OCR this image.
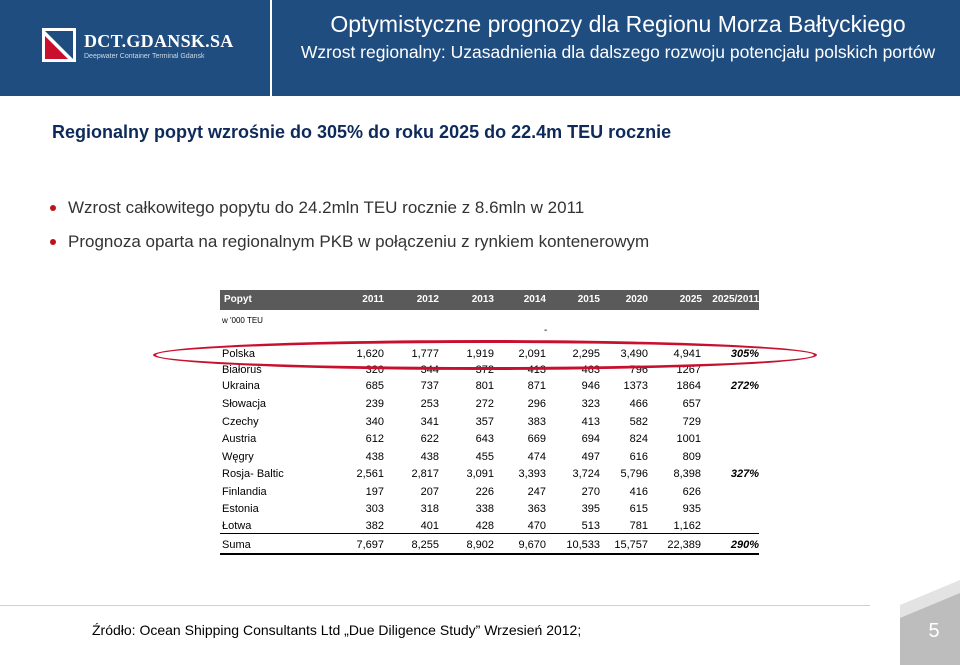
DCT.GDANSK.SA
Deepwater Container Terminal Gdansk
Optymistyczne prognozy dla Regionu Morza Bałtyckiego
Wzrost regionalny: Uzasadnienia dla dalszego rozwoju potencjału polskich portów
Regionalny popyt wzrośnie do 305% do roku 2025 do 22.4m TEU rocznie
Wzrost całkowitego popytu do 24.2mln TEU rocznie z 8.6mln w 2011
Prognoza oparta na regionalnym PKB w połączeniu z rynkiem kontenerowym
Popyt	2011	2012	2013	2014	2015	2020	2025	2025/2011
w '000 TEU
-
Polska	1,620	1,777	1,919	2,091	2,295	3,490	4,941	305%
Białoruś	320	344	372	413	463	796	1267
Ukraina	685	737	801	871	946	1373	1864	272%
Słowacja	239	253	272	296	323	466	657
Czechy	340	341	357	383	413	582	729
Austria	612	622	643	669	694	824	1001
Węgry	438	438	455	474	497	616	809
Rosja- Baltic	2,561	2,817	3,091	3,393	3,724	5,796	8,398	327%
Finlandia	197	207	226	247	270	416	626
Estonia	303	318	338	363	395	615	935
Łotwa	382	401	428	470	513	781	1,162
Suma	7,697	8,255	8,902	9,670	10,533	15,757	22,389	290%
Źródło: Ocean Shipping Consultants Ltd „Due Diligence Study” Wrzesień 2012;	5
